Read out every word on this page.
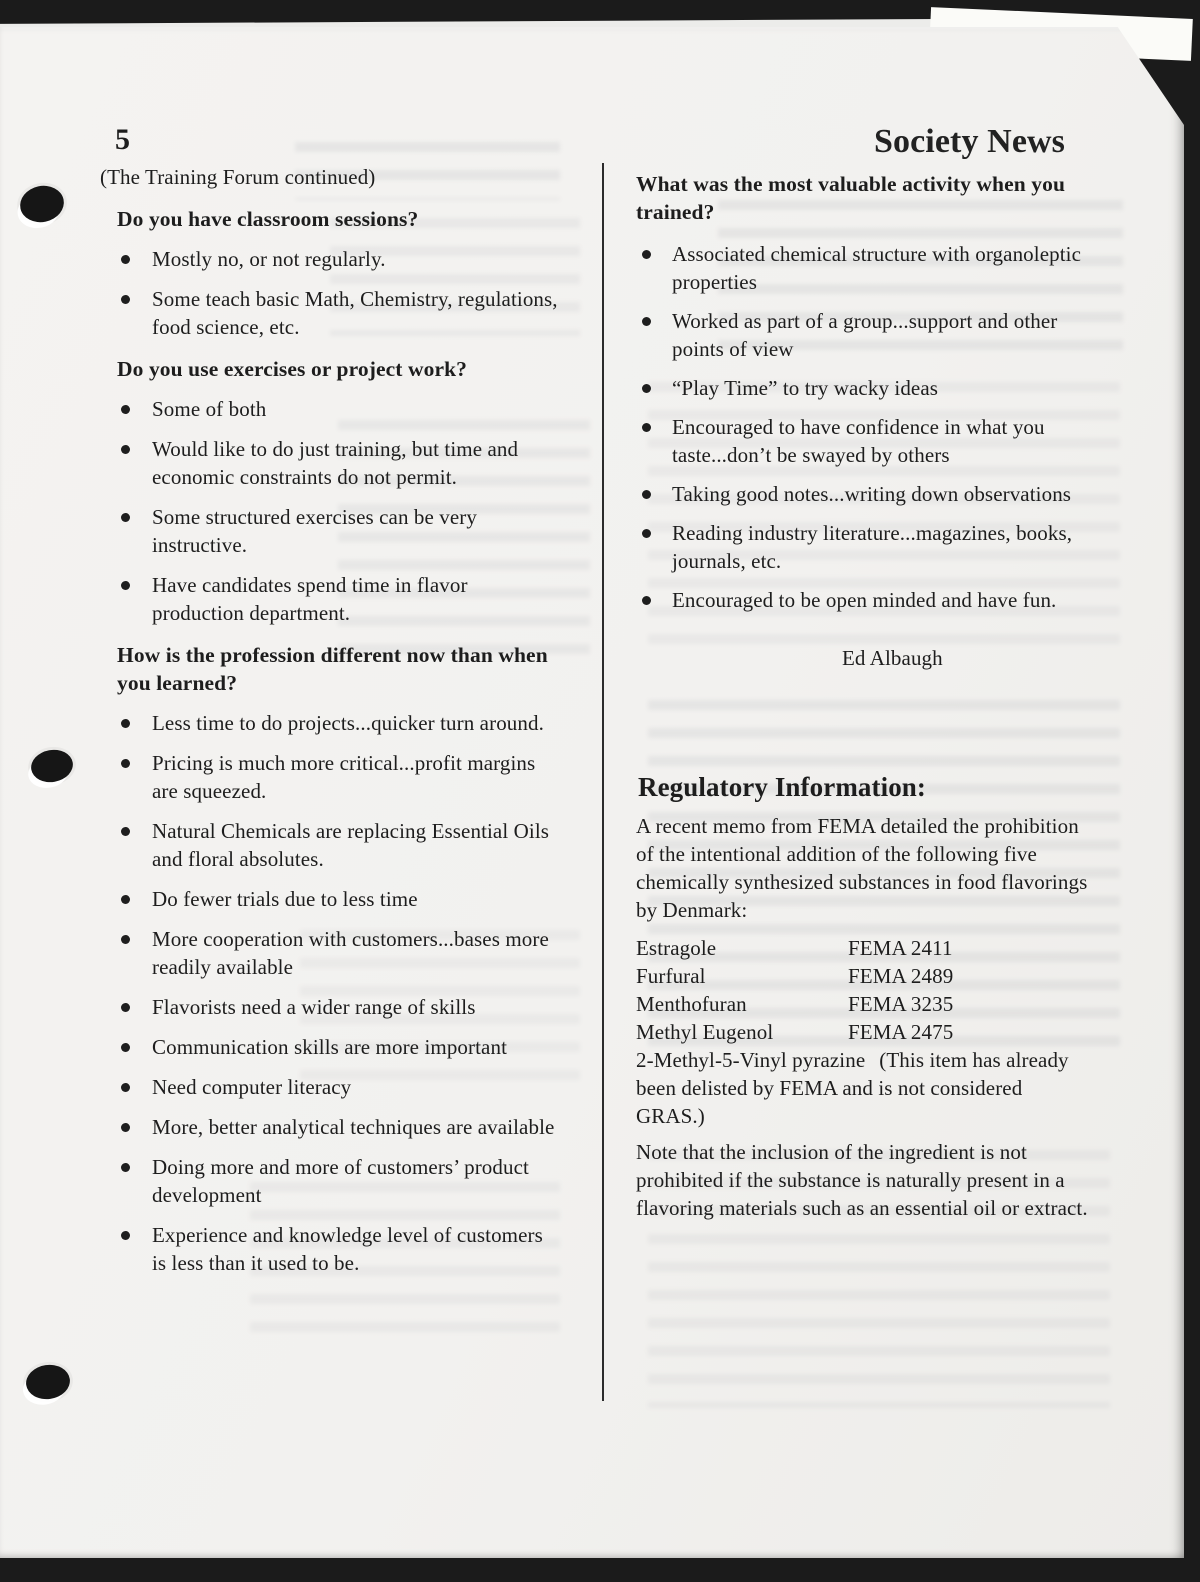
5
(The Training Forum continued)
Do you have classroom sessions?
Mostly no, or not regularly.
Some teach basic Math, Chemistry, regulations, food science, etc.
Do you use exercises or project work?
Some of both
Would like to do just training, but time and economic constraints do not permit.
Some structured exercises can be very instructive.
Have candidates spend time in flavor production department.
How is the profession different now than when you learned?
Less time to do projects...quicker turn around.
Pricing is much more critical...profit margins are squeezed.
Natural Chemicals are replacing Essential Oils and floral absolutes.
Do fewer trials due to less time
More cooperation with customers...bases more readily available
Flavorists need a wider range of skills
Communication skills are more important
Need computer literacy
More, better analytical techniques are available
Doing more and more of customers’ product development
Experience and knowledge level of customers is less than it used to be.
Society News
What was the most valuable activity when you trained?
Associated chemical structure with organoleptic properties
Worked as part of a group...support and other points of view
“Play Time” to try wacky ideas
Encouraged to have confidence in what you taste...don’t be swayed by others
Taking good notes...writing down observations
Reading industry literature...magazines, books, journals, etc.
Encouraged to be open minded and have fun.
Ed Albaugh
Regulatory Information:

A recent memo from FEMA detailed the prohibition of the intentional addition of the following five chemically synthesized substances in food flavorings by Denmark:

Estragole	FEMA 2411
Furfural	FEMA 2489
Menthofuran	FEMA 3235
Methyl Eugenol	FEMA 2475

2-Methyl-5-Vinyl pyrazine (This item has already been delisted by FEMA and is not considered GRAS.)

Note that the inclusion of the ingredient is not prohibited if the substance is naturally present in a flavoring materials such as an essential oil or extract.
